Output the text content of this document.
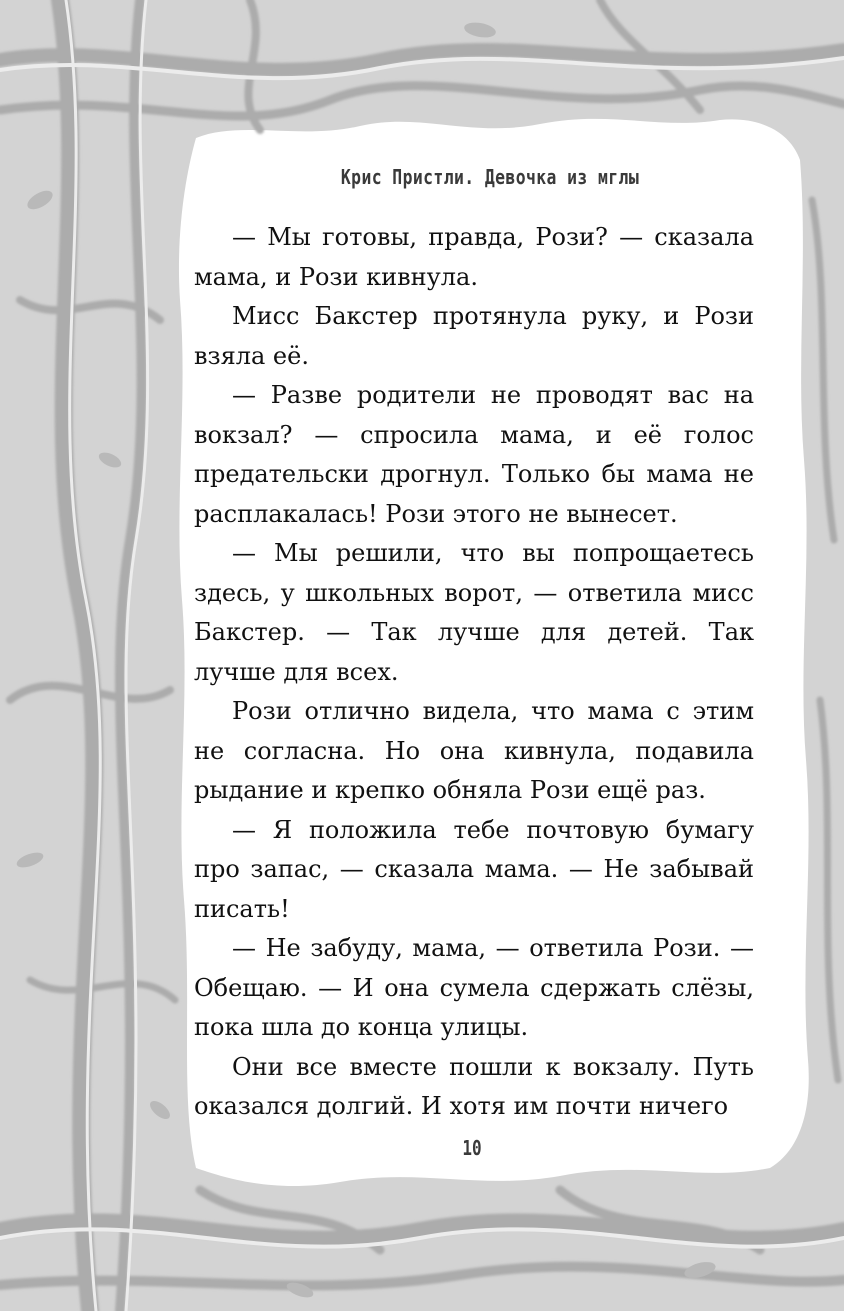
Крис Пристли. Девочка из мглы

— Мы готовы, правда, Рози? — сказала мама, и Рози кивнула.

Мисс Бакстер протянула руку, и Рози взяла её.

— Разве родители не проводят вас на вокзал? — спросила мама, и её голос предательски дрогнул. Только бы мама не расплакалась! Рози этого не вынесет.

— Мы решили, что вы попрощаетесь здесь, у школьных ворот, — ответила мисс Бакстер. — Так лучше для детей. Так лучше для всех.

Рози отлично видела, что мама с этим не согласна. Но она кивнула, подавила рыдание и крепко обняла Рози ещё раз.

— Я положила тебе почтовую бумагу про запас, — сказала мама. — Не забывай писать!

— Не забуду, мама, — ответила Рози. — Обещаю. — И она сумела сдержать слёзы, пока шла до конца улицы.

Они все вместе пошли к вокзалу. Путь оказался долгий. И хотя им почти ничего

10
